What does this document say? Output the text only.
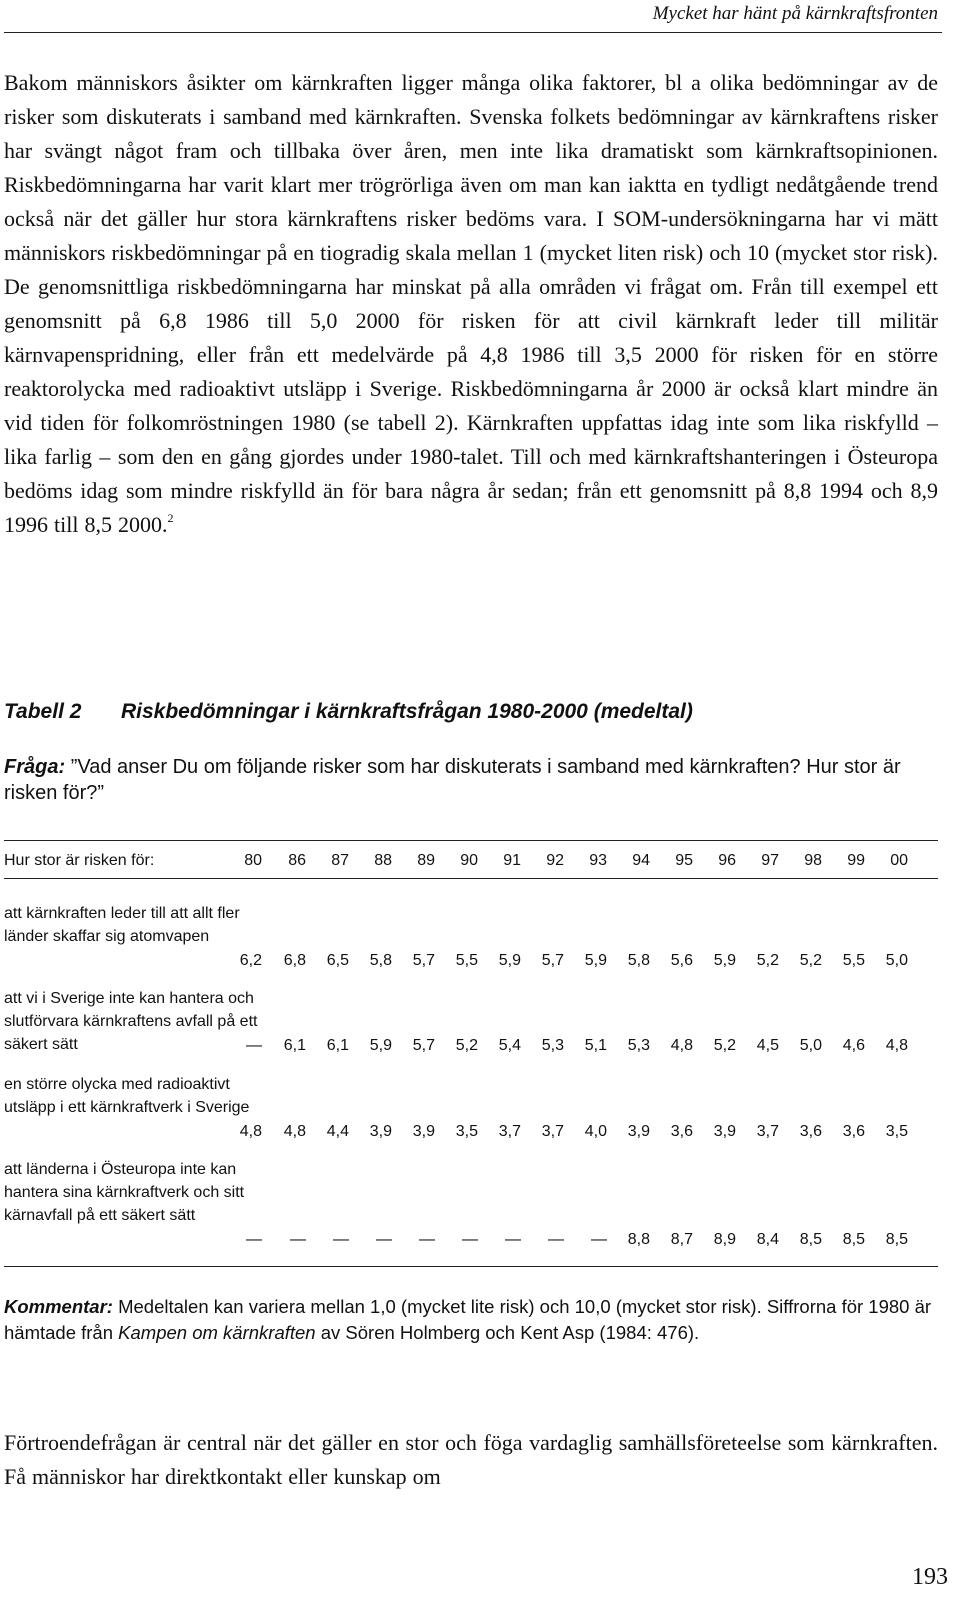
Mycket har hänt på kärnkraftsfronten

Bakom människors åsikter om kärnkraften ligger många olika faktorer, bl a olika bedömningar av de risker som diskuterats i samband med kärnkraften. Svenska folkets bedömningar av kärnkraftens risker har svängt något fram och tillbaka över åren, men inte lika dramatiskt som kärnkraftsopinionen. Riskbedömningarna har varit klart mer trögrörliga även om man kan iaktta en tydligt nedåtgående trend också när det gäller hur stora kärnkraftens risker bedöms vara. I SOM-undersökningarna har vi mätt människors riskbedömningar på en tiogradig skala mellan 1 (mycket liten risk) och 10 (mycket stor risk). De genomsnittliga riskbedömningarna har minskat på alla områden vi frågat om. Från till exempel ett genomsnitt på 6,8 1986 till 5,0 2000 för risken för att civil kärnkraft leder till militär kärnvapenspridning, eller från ett medelvärde på 4,8 1986 till 3,5 2000 för risken för en större reaktorolycka med radioaktivt utsläpp i Sverige. Riskbedömningarna år 2000 är också klart mindre än vid tiden för folkomröstningen 1980 (se tabell 2). Kärnkraften uppfattas idag inte som lika riskfylld – lika farlig – som den en gång gjordes under 1980-talet. Till och med kärnkraftshanteringen i Östeuropa bedöms idag som mindre riskfylld än för bara några år sedan; från ett genomsnitt på 8,8 1994 och 8,9 1996 till 8,5 2000.$^2$

Tabell 2 Riskbedömningar i kärnkraftsfrågan 1980-2000 (medeltal)
Fråga: ”Vad anser Du om följande risker som har diskuterats i samband med kärnkraften? Hur stor är risken för?”
Hur stor är risken för:	80	86	87	88	89	90	91	92	93	94	95	96	97	98	99	00
att kärnkraften leder till att allt fler länder skaffar sig atomvapen
6,2	6,8	6,5	5,8	5,7	5,5	5,9	5,7	5,9	5,8	5,6	5,9	5,2	5,2	5,5	5,0
att vi i Sverige inte kan hantera och slutförvara kärnkraftens avfall på ett säkert sätt	—	6,1	6,1	5,9	5,7	5,2	5,4	5,3	5,1	5,3	4,8	5,2	4,5	5,0	4,6	4,8
en större olycka med radioaktivt utsläpp i ett kärnkraftverk i Sverige
4,8	4,8	4,4	3,9	3,9	3,5	3,7	3,7	4,0	3,9	3,6	3,9	3,7	3,6	3,6	3,5
att länderna i Östeuropa inte kan hantera sina kärnkraftverk och sitt kärnavfall på ett säkert sätt
—	—	—	—	—	—	—	—	—	8,8	8,7	8,9	8,4	8,5	8,5	8,5
Kommentar: Medeltalen kan variera mellan 1,0 (mycket lite risk) och 10,0 (mycket stor risk). Siffrorna för 1980 är hämtade från Kampen om kärnkraften av Sören Holmberg och Kent Asp (1984: 476).

Förtroendefrågan är central när det gäller en stor och föga vardaglig samhällsföreteelse som kärnkraften. Få människor har direktkontakt eller kunskap om

193
